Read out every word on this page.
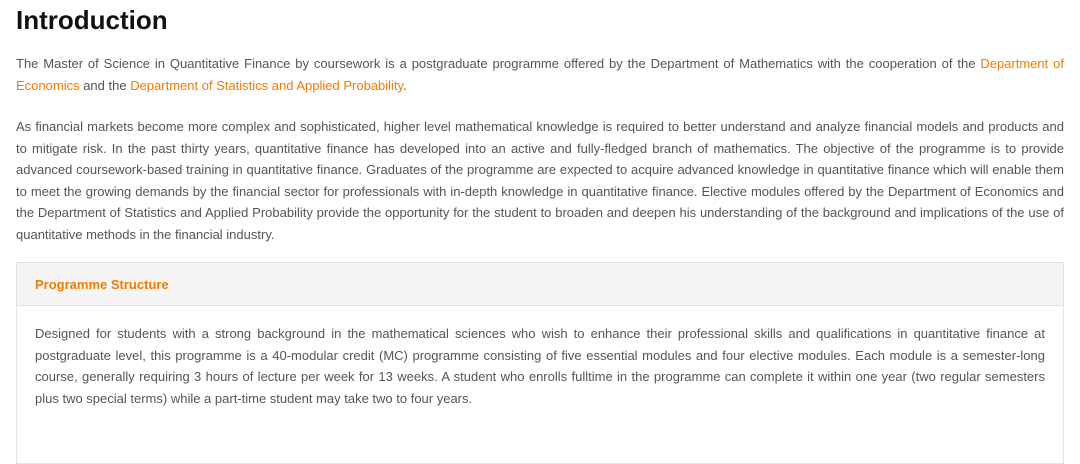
Introduction

The Master of Science in Quantitative Finance by coursework is a postgraduate programme offered by the Department of Mathematics with the cooperation of the Department of Economics and the Department of Statistics and Applied Probability.

As financial markets become more complex and sophisticated, higher level mathematical knowledge is required to better understand and analyze financial models and products and to mitigate risk. In the past thirty years, quantitative finance has developed into an active and fully-fledged branch of mathematics. The objective of the programme is to provide advanced coursework-based training in quantitative finance. Graduates of the programme are expected to acquire advanced knowledge in quantitative finance which will enable them to meet the growing demands by the financial sector for professionals with in-depth knowledge in quantitative finance. Elective modules offered by the Department of Economics and the Department of Statistics and Applied Probability provide the opportunity for the student to broaden and deepen his understanding of the background and implications of the use of quantitative methods in the financial industry.

Programme Structure

Designed for students with a strong background in the mathematical sciences who wish to enhance their professional skills and qualifications in quantitative finance at postgraduate level, this programme is a 40-modular credit (MC) programme consisting of five essential modules and four elective modules. Each module is a semester-long course, generally requiring 3 hours of lecture per week for 13 weeks. A student who enrolls fulltime in the programme can complete it within one year (two regular semesters plus two special terms) while a part-time student may take two to four years.
